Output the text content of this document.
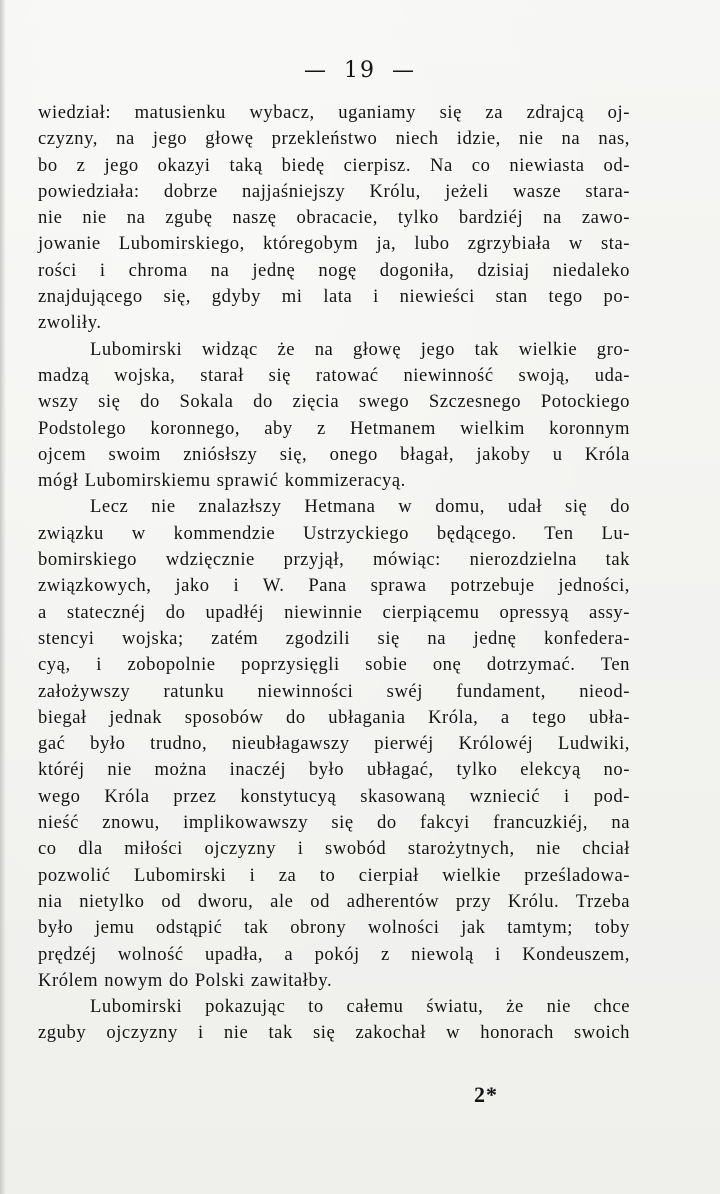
— 19 —
wiedział: matusienku wybacz, uganiamy się za zdrajcą oj-
czyzny, na jego głowę przekleństwo niech idzie, nie na nas,
bo z jego okazyi taką biedę cierpisz. Na co niewiasta od-
powiedziała: dobrze najjaśniejszy Królu, jeżeli wasze stara-
nie nie na zgubę naszę obracacie, tylko bardziéj na zawo-
jowanie Lubomirskiego, któregobym ja, lubo zgrzybiała w sta-
rości i chroma na jednę nogę dogoniła, dzisiaj niedaleko
znajdującego się, gdyby mi lata i niewieści stan tego po-
zwoliły.
Lubomirski widząc że na głowę jego tak wielkie gro-
madzą wojska, starał się ratować niewinność swoją, uda-
wszy się do Sokala do zięcia swego Szczesnego Potockiego
Podstolego koronnego, aby z Hetmanem wielkim koronnym
ojcem swoim zniósłszy się, onego błagał, jakoby u Króla
mógł Lubomirskiemu sprawić kommizeracyą.
Lecz nie znalazłszy Hetmana w domu, udał się do
związku w kommendzie Ustrzyckiego będącego. Ten Lu-
bomirskiego wdzięcznie przyjął, mówiąc: nierozdzielna tak
związkowych, jako i W. Pana sprawa potrzebuje jedności,
a statecznéj do upadłéj niewinnie cierpiącemu opressyą assy-
stencyi wojska; zatém zgodzili się na jednę konfedera-
cyą, i zobopolnie poprzysięgli sobie onę dotrzymać. Ten
założywszy ratunku niewinności swéj fundament, nieod-
biegał jednak sposobów do ubłagania Króla, a tego ubła-
gać było trudno, nieubłagawszy pierwéj Królowéj Ludwiki,
któréj nie można inaczéj było ubłagać, tylko elekcyą no-
wego Króla przez konstytucyą skasowaną wzniecić i pod-
nieść znowu, implikowawszy się do fakcyi francuzkiéj, na
co dla miłości ojczyzny i swobód starożytnych, nie chciał
pozwolić Lubomirski i za to cierpiał wielkie prześladowa-
nia nietylko od dworu, ale od adherentów przy Królu. Trzeba
było jemu odstąpić tak obrony wolności jak tamtym; toby
prędzéj wolność upadła, a pokój z niewolą i Kondeuszem,
Królem nowym do Polski zawitałby.
Lubomirski pokazując to całemu światu, że nie chce
zguby ojczyzny i nie tak się zakochał w honorach swoich
2*
